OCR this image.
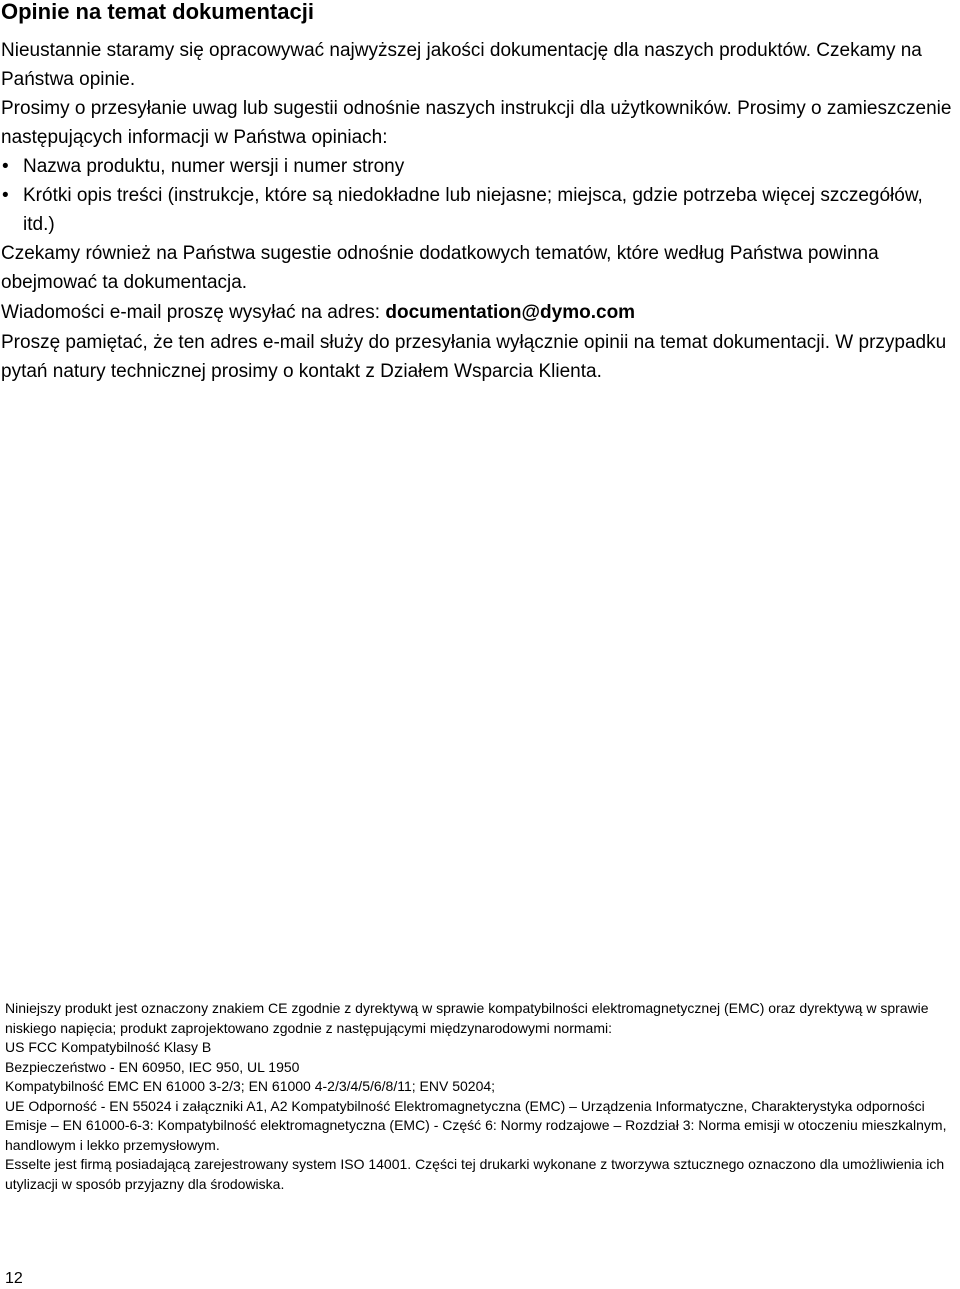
Opinie na temat dokumentacji

Nieustannie staramy się opracowywać najwyższej jakości dokumentację dla naszych produktów. Czekamy na Państwa opinie.

Prosimy o przesyłanie uwag lub sugestii odnośnie naszych instrukcji dla użytkowników. Prosimy o zamieszczenie następujących informacji w Państwa opiniach:

• Nazwa produktu, numer wersji i numer strony
• Krótki opis treści (instrukcje, które są niedokładne lub niejasne; miejsca, gdzie potrzeba więcej szczegółów, itd.)

Czekamy również na Państwa sugestie odnośnie dodatkowych tematów, które według Państwa powinna obejmować ta dokumentacja.

Wiadomości e-mail proszę wysyłać na adres: documentation@dymo.com

Proszę pamiętać, że ten adres e-mail służy do przesyłania wyłącznie opinii na temat dokumentacji. W przypadku pytań natury technicznej prosimy o kontakt z Działem Wsparcia Klienta.

Niniejszy produkt jest oznaczony znakiem CE zgodnie z dyrektywą w sprawie kompatybilności elektromagnetycznej (EMC) oraz dyrektywą w sprawie niskiego napięcia; produkt zaprojektowano zgodnie z następującymi międzynarodowymi normami:

US FCC Kompatybilność Klasy B

Bezpieczeństwo - EN 60950, IEC 950, UL 1950

Kompatybilność EMC EN 61000 3-2/3; EN 61000 4-2/3/4/5/6/8/11; ENV 50204;

UE Odporność - EN 55024 i załączniki A1, A2 Kompatybilność Elektromagnetyczna (EMC) – Urządzenia Informatyczne, Charakterystyka odporności

Emisje – EN 61000-6-3: Kompatybilność elektromagnetyczna (EMC) - Część 6: Normy rodzajowe – Rozdział 3: Norma emisji w otoczeniu mieszkalnym, handlowym i lekko przemysłowym.

Esselte jest firmą posiadającą zarejestrowany system ISO 14001. Części tej drukarki wykonane z tworzywa sztucznego oznaczono dla umożliwienia ich utylizacji w sposób przyjazny dla środowiska.

12
